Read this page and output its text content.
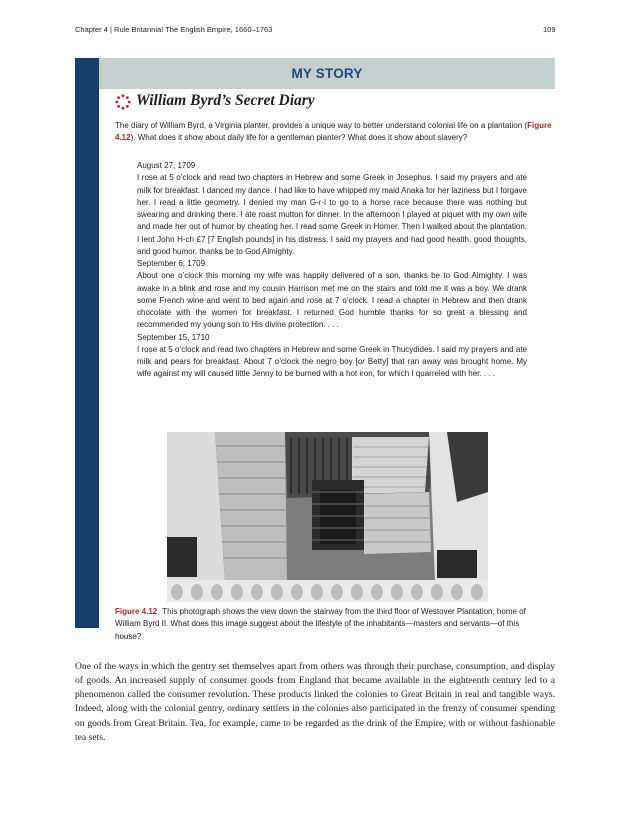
Chapter 4 | Rule Britannia! The English Empire, 1660–1763	109
MY STORY
William Byrd’s Secret Diary
The diary of William Byrd, a Virginia planter, provides a unique way to better understand colonial life on a plantation (Figure 4.12). What does it show about daily life for a gentleman planter? What does it show about slavery?

August 27, 1709

I rose at 5 o’clock and read two chapters in Hebrew and some Greek in Josephus. I said my prayers and ate milk for breakfast. I danced my dance. I had like to have whipped my maid Anaka for her laziness but I forgave her. I read a little geometry. I denied my man G-r-l to go to a horse race because there was nothing but swearing and drinking there. I ate roast mutton for dinner. In the afternoon I played at piquet with my own wife and made her out of humor by cheating her. I read some Greek in Homer. Then I walked about the plantation. I lent John H-ch £7 [7 English pounds] in his distress. I said my prayers and had good health, good thoughts, and good humor, thanks be to God Almighty.

September 6, 1709

About one o’clock this morning my wife was happily delivered of a son, thanks be to God Almighty. I was awake in a blink and rose and my cousin Harrison met me on the stairs and told me it was a boy. We drank some French wine and went to bed again and rose at 7 o’clock. I read a chapter in Hebrew and then drank chocolate with the women for breakfast. I returned God humble thanks for so great a blessing and recommended my young son to His divine protection. . . .

September 15, 1710

I rose at 5 o’clock and read two chapters in Hebrew and some Greek in Thucydides. I said my prayers and ate milk and pears for breakfast. About 7 o’clock the negro boy [or Betty] that ran away was brought home. My wife against my will caused little Jenny to be burned with a hot iron, for which I quarreled with her. . . .

Figure 4.12 This photograph shows the view down the stairway from the third floor of Westover Plantation, home of William Byrd II. What does this image suggest about the lifestyle of the inhabitants—masters and servants—of this house?
One of the ways in which the gentry set themselves apart from others was through their purchase, consumption, and display of goods. An increased supply of consumer goods from England that became available in the eighteenth century led to a phenomenon called the consumer revolution. These products linked the colonies to Great Britain in real and tangible ways. Indeed, along with the colonial gentry, ordinary settlers in the colonies also participated in the frenzy of consumer spending on goods from Great Britain. Tea, for example, came to be regarded as the drink of the Empire, with or without fashionable tea sets.
